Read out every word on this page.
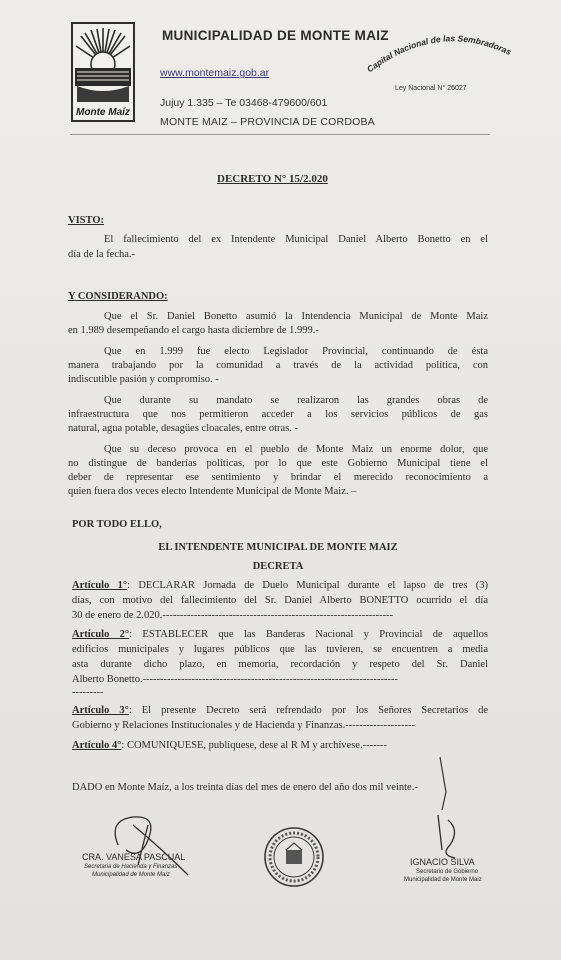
Monte Maíz
MUNICIPALIDAD DE MONTE MAIZ
www.montemaiz.gob.ar	Capital Nacional de las Sembradoras
Ley Nacional N° 26027
Jujuy 1.335 – Te 03468-479600/601
MONTE MAIZ – PROVINCIA DE CORDOBA
DECRETO N° 15/2.020
VISTO:
El fallecimiento del ex Intendente Municipal Daniel Alberto Bonetto en el
día de la fecha.-
Y CONSIDERANDO:
Que el Sr. Daniel Bonetto asumió la Intendencia Municipal de Monte Maiz
en 1.989 desempeñando el cargo hasta diciembre de 1.999.-
Que en 1.999 fue electo Legislador Provincial, continuando de ésta
manera trabajando por la comunidad a través de la actividad política, con
indiscutible pasión y compromiso. -
Que durante su mandato se realizaron las grandes obras de
infraestructura que nos permitieron acceder a los servicios públicos de gas
natural, agua potable, desagües cloacales, entre otras. -
Que su deceso provoca en el pueblo de Monte Maiz un enorme dolor, que
no distingue de banderías políticas, por lo que este Gobierno Municipal tiene el
deber de representar ese sentimiento y brindar el merecido reconocimiento a
quien fuera dos veces electo Intendente Municipal de Monte Maiz. –
POR TODO ELLO,
EL INTENDENTE MUNICIPAL DE MONTE MAIZ
DECRETA
Artículo 1°: DECLARAR Jornada de Duelo Municipal durante el lapso de tres (3)
días, con motivo del fallecimiento del Sr. Daniel Alberto BONETTO ocurrido el día
30 de enero de 2.020.------------------------------------------------------------------
Artículo 2°: ESTABLECER que las Banderas Nacional y Provincial de aquellos
edificios municipales y lugares públicos que las tuvieren, se encuentren a media
asta durante dicho plazo, en memoria, recordación y respeto del Sr. Daniel
Alberto Bonetto.-------------------------------------------------------------------------
---------
Artículo 3°: El presente Decreto será refrendado por los Señores Secretarios de
Gobierno y Relaciones Institucionales y de Hacienda y Finanzas.--------------------
Artículo 4°: COMUNIQUESE, publíquese, dese al R M y archívese.-------
DADO en Monte Maíz, a los treinta días del mes de enero del año dos mil veinte.-
CRA. VANESA PASCUAL
Secretaria de Hacienda y Finanzas
Municipalidad de Monte Maiz
IGNACIO SILVA
Secretario de Gobierno
Municipalidad de Monte Maiz
